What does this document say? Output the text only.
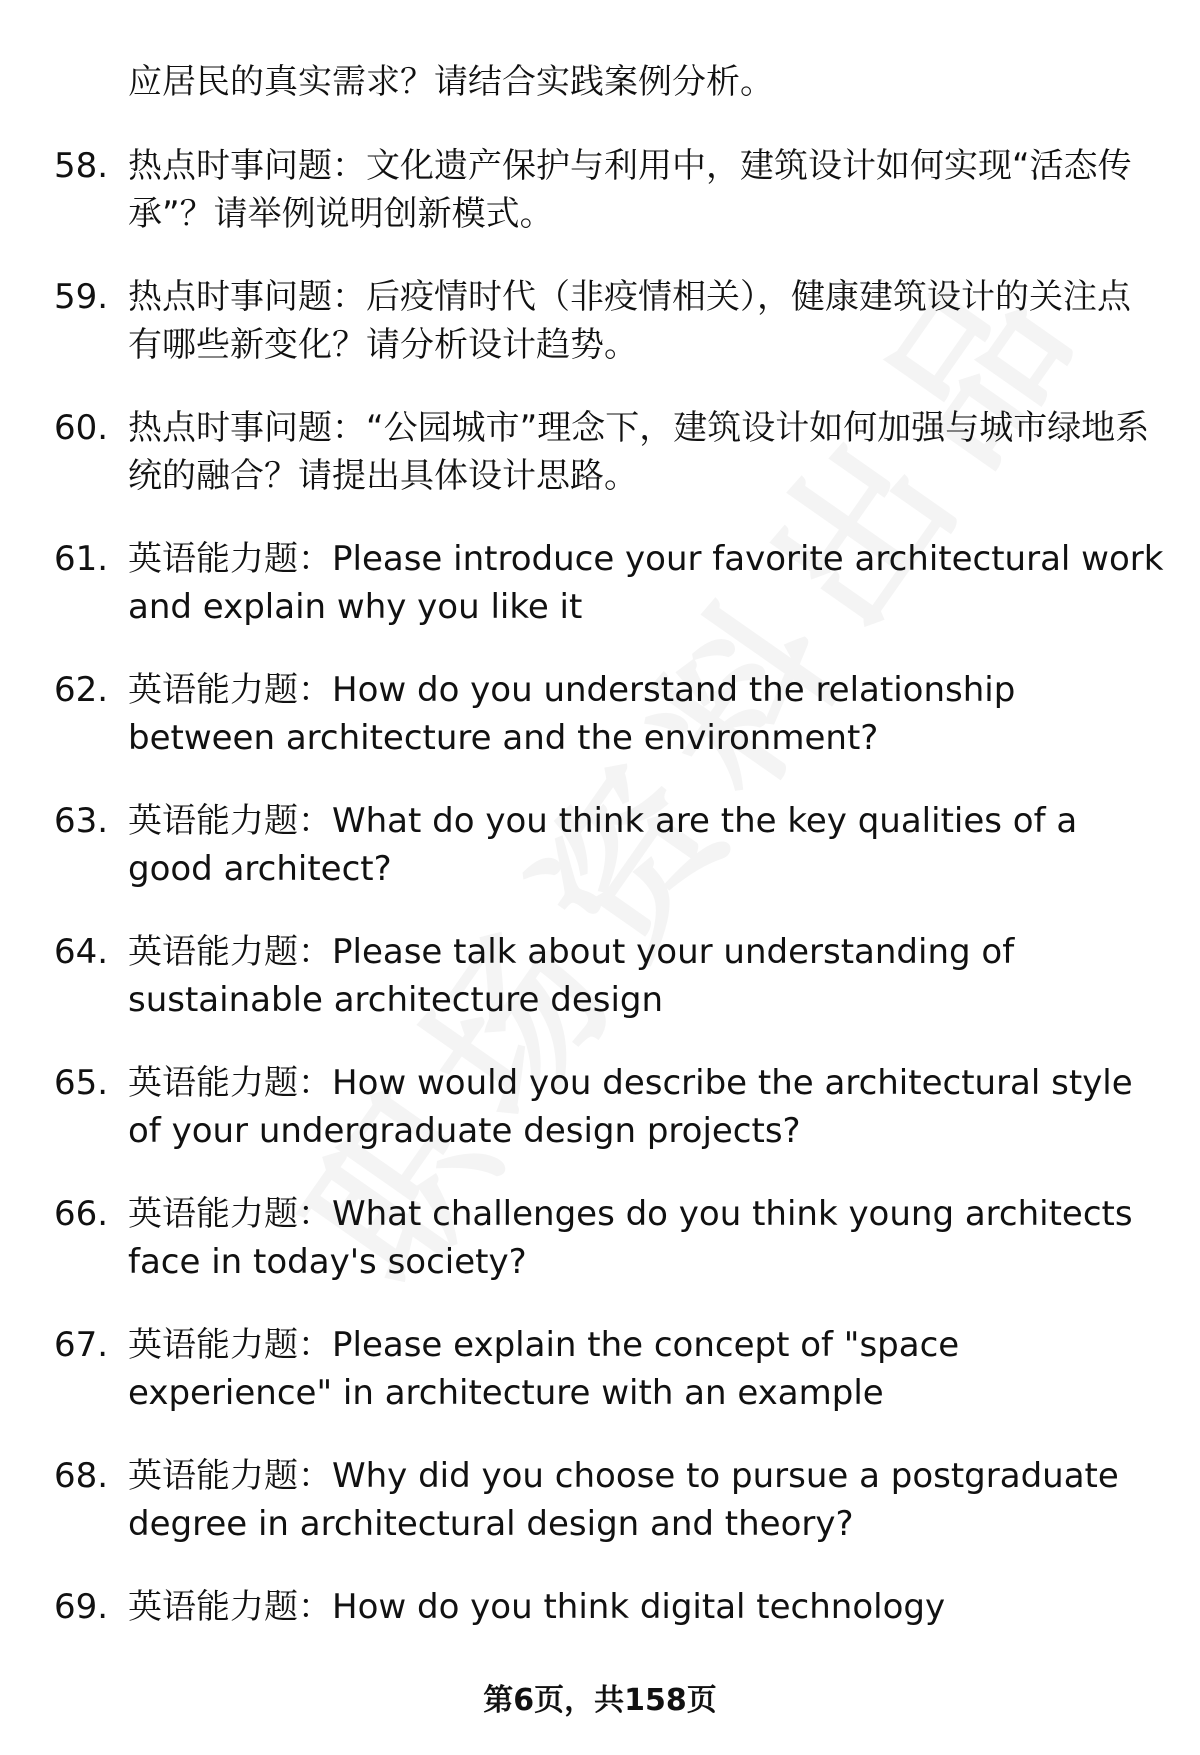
应居民的真实需求？请结合实践案例分析。
58. 热点时事问题：文化遗产保护与利用中，建筑设计如何实现“活态传承”？请举例说明创新模式。
59. 热点时事问题：后疫情时代（非疫情相关），健康建筑设计的关注点有哪些新变化？请分析设计趋势。
60. 热点时事问题：“公园城市”理念下，建筑设计如何加强与城市绿地系统的融合？请提出具体设计思路。
61. 英语能力题：Please introduce your favorite architectural work and explain why you like it
62. 英语能力题：How do you understand the relationship between architecture and the environment?
63. 英语能力题：What do you think are the key qualities of a good architect?
64. 英语能力题：Please talk about your understanding of sustainable architecture design
65. 英语能力题：How would you describe the architectural style of your undergraduate design projects?
66. 英语能力题：What challenges do you think young architects face in today's society?
67. 英语能力题：Please explain the concept of "space experience" in architecture with an example
68. 英语能力题：Why did you choose to pursue a postgraduate degree in architectural design and theory?
69. 英语能力题：How do you think digital technology
第6页，共158页
